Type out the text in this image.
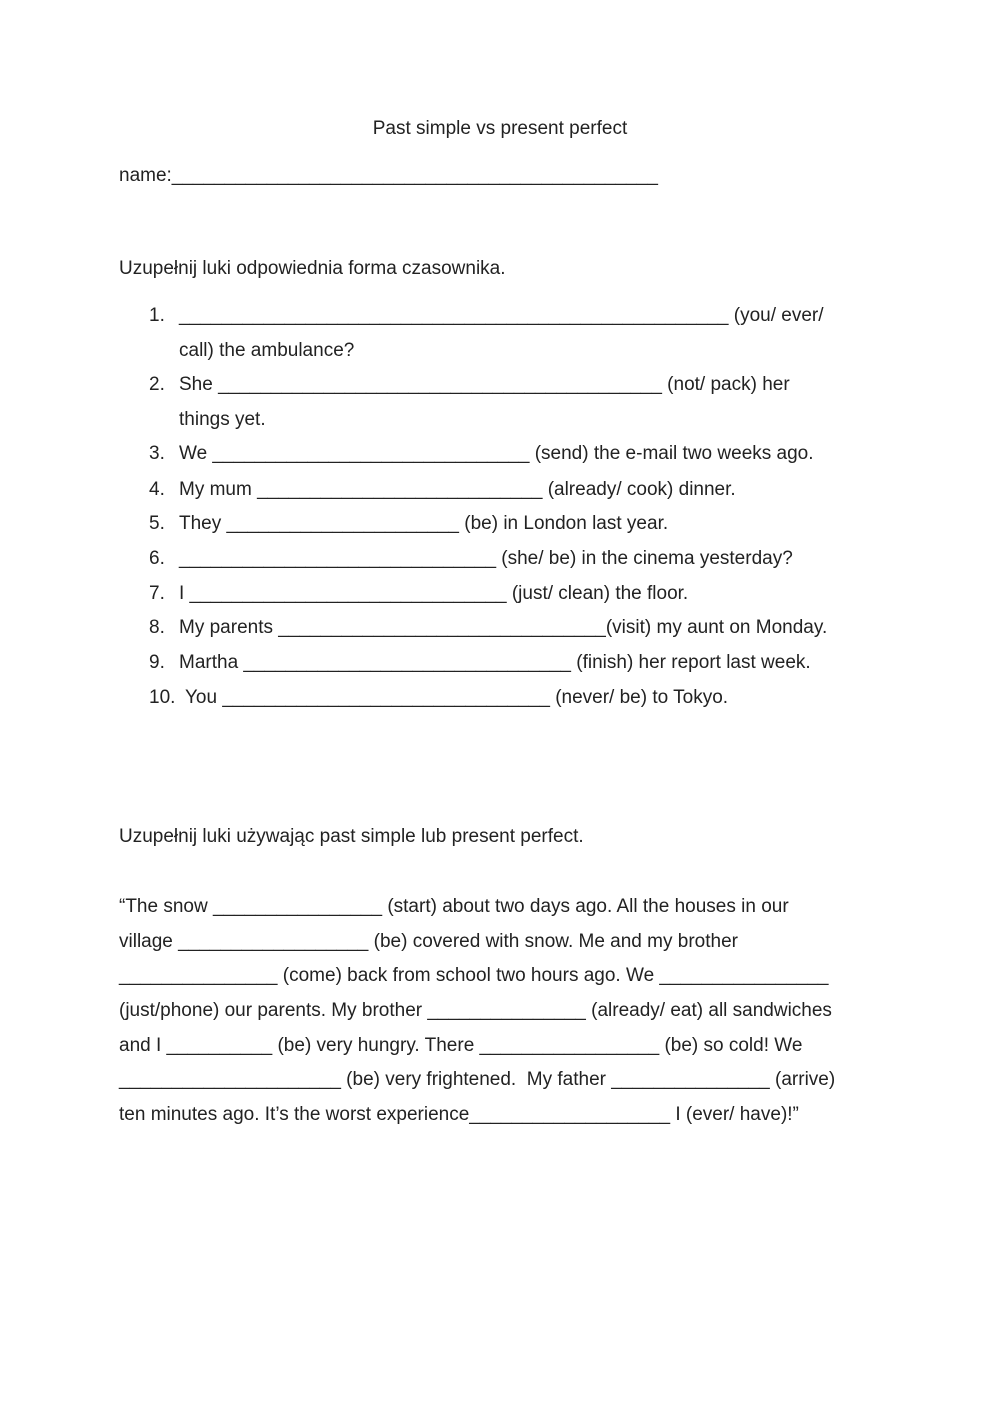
Past simple vs present perfect
name:______________________________________________
Uzupełnij luki odpowiednia forma czasownika.
1. ____________________________________________________ (you/ ever/
call) the ambulance?
2. She __________________________________________ (not/ pack) her
things yet.
3. We ______________________________ (send) the e-mail two weeks ago.
4. My mum ___________________________ (already/ cook) dinner.
5. They ______________________ (be) in London last year.
6. ______________________________ (she/ be) in the cinema yesterday?
7. I ______________________________ (just/ clean) the floor.
8. My parents _______________________________(visit) my aunt on Monday.
9. Martha _______________________________ (finish) her report last week.
10. You _______________________________ (never/ be) to Tokyo.
Uzupełnij luki używając past simple lub present perfect.
“The snow ________________ (start) about two days ago. All the houses in our
village __________________ (be) covered with snow. Me and my brother
_______________ (come) back from school two hours ago. We ________________
(just/phone) our parents. My brother _______________ (already/ eat) all sandwiches
and I __________ (be) very hungry. There _________________ (be) so cold! We
_____________________ (be) very frightened.  My father _______________ (arrive)
ten minutes ago. It’s the worst experience___________________ I (ever/ have)!”
